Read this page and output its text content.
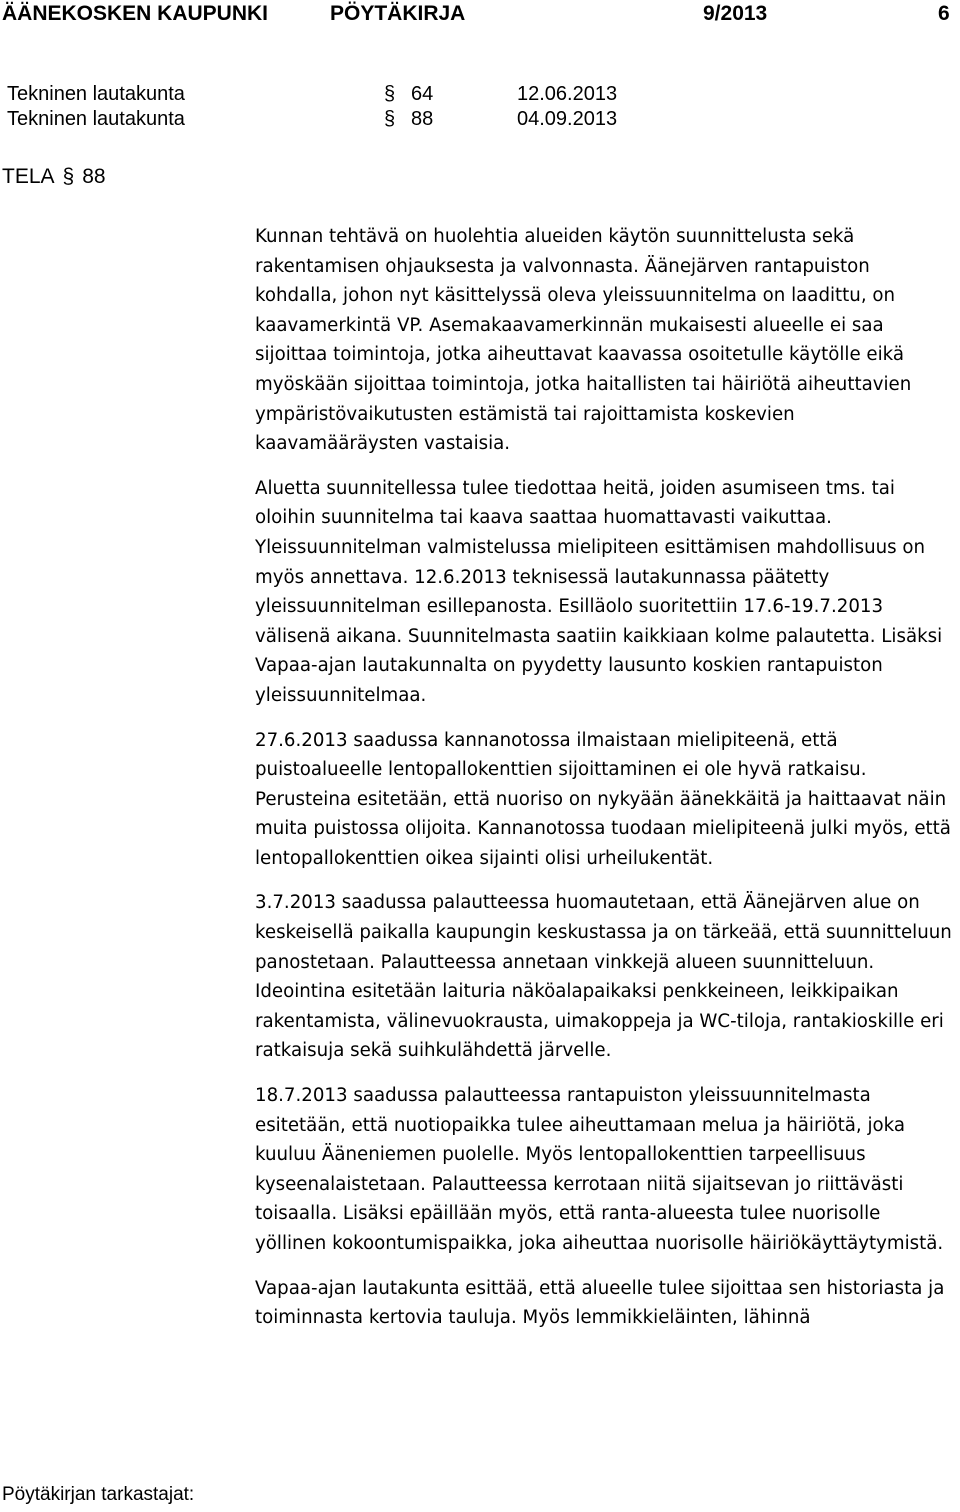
ÄÄNEKOSKEN KAUPUNKI	PÖYTÄKIRJA	9/2013	6
Tekninen lautakunta	§ 64	12.06.2013
Tekninen lautakunta	§ 88	04.09.2013
TELA § 88

Kunnan tehtävä on huolehtia alueiden käytön suunnittelusta sekä rakentamisen ohjauksesta ja valvonnasta. Äänejärven rantapuiston kohdalla, johon nyt käsittelyssä oleva yleissuunnitelma on laadittu, on kaavamerkintä VP. Asemakaavamerkinnän mukaisesti alueelle ei saa sijoittaa toimintoja, jotka aiheuttavat kaavassa osoitetulle käytölle eikä myöskään sijoittaa toimintoja, jotka haitallisten tai häiriötä aiheuttavien ympäristövaikutusten estämistä tai rajoittamista koskevien kaavamääräysten vastaisia.

Aluetta suunnitellessa tulee tiedottaa heitä, joiden asumiseen tms. tai oloihin suunnitelma tai kaava saattaa huomattavasti vaikuttaa. Yleissuunnitelman valmistelussa mielipiteen esittämisen mahdollisuus on myös annettava. 12.6.2013 teknisessä lautakunnassa päätetty yleissuunnitelman esillepanosta. Esilläolo suoritettiin 17.6-19.7.2013 välisenä aikana. Suunnitelmasta saatiin kaikkiaan kolme palautetta. Lisäksi Vapaa-ajan lautakunnalta on pyydetty lausunto koskien rantapuiston yleissuunnitelmaa.

27.6.2013 saadussa kannanotossa ilmaistaan mielipiteenä, että puistoalueelle lentopallokenttien sijoittaminen ei ole hyvä ratkaisu. Perusteina esitetään, että nuoriso on nykyään äänekkäitä ja haittaavat näin muita puistossa olijoita. Kannanotossa tuodaan mielipiteenä julki myös, että lentopallokenttien oikea sijainti olisi urheilukentät.

3.7.2013 saadussa palautteessa huomautetaan, että Äänejärven alue on keskeisellä paikalla kaupungin keskustassa ja on tärkeää, että suunnitteluun panostetaan. Palautteessa annetaan vinkkejä alueen suunnitteluun. Ideointina esitetään laituria näköalapaikaksi penkkeineen, leikkipaikan rakentamista, välinevuokrausta, uimakoppeja ja WC-tiloja, rantakioskille eri ratkaisuja sekä suihkulähdettä järvelle.

18.7.2013 saadussa palautteessa rantapuiston yleissuunnitelmasta esitetään, että nuotiopaikka tulee aiheuttamaan melua ja häiriötä, joka kuuluu Ääneniemen puolelle. Myös lentopallokenttien tarpeellisuus kyseenalaistetaan. Palautteessa kerrotaan niitä sijaitsevan jo riittävästi toisaalla. Lisäksi epäillään myös, että ranta-alueesta tulee nuorisolle yöllinen kokoontumispaikka, joka aiheuttaa nuorisolle häiriökäyttäytymistä.

Vapaa-ajan lautakunta esittää, että alueelle tulee sijoittaa sen historiasta ja toiminnasta kertovia tauluja. Myös lemmikkieläinten, lähinnä

Pöytäkirjan tarkastajat:
